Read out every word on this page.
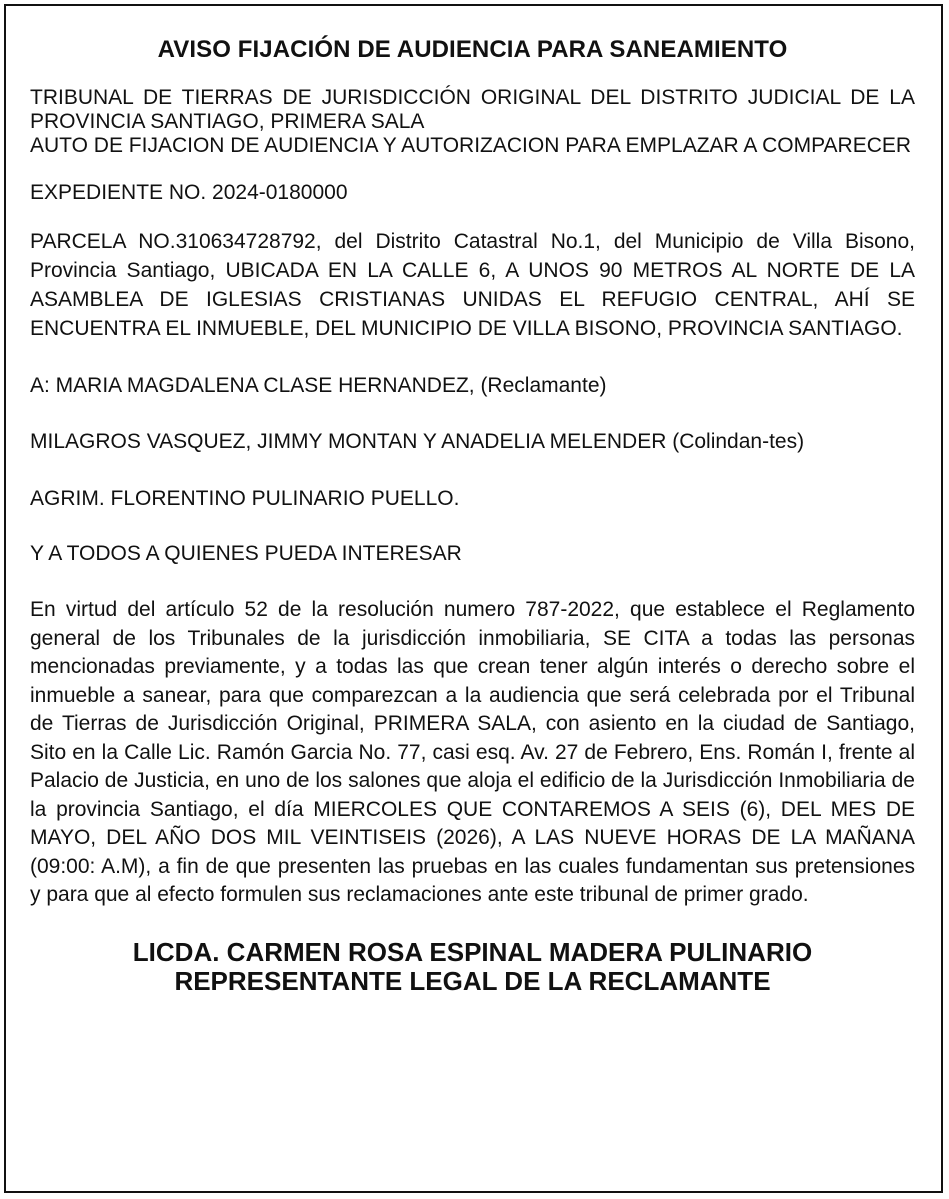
AVISO FIJACIÓN DE AUDIENCIA PARA SANEAMIENTO

TRIBUNAL DE TIERRAS DE JURISDICCIÓN ORIGINAL DEL DISTRITO JUDICIAL DE LA PROVINCIA SANTIAGO, PRIMERA SALA

AUTO DE FIJACION DE AUDIENCIA Y AUTORIZACION PARA EMPLAZAR A COMPARECER

EXPEDIENTE NO. 2024-0180000

PARCELA NO.310634728792, del Distrito Catastral No.1, del Municipio de Villa Bisono, Provincia Santiago, UBICADA EN LA CALLE 6, A UNOS 90 METROS AL NORTE DE LA ASAMBLEA DE IGLESIAS CRISTIANAS UNIDAS EL REFUGIO CENTRAL, AHÍ SE ENCUENTRA EL INMUEBLE, DEL MUNICIPIO DE VILLA BISONO, PROVINCIA SANTIAGO.

A: MARIA MAGDALENA CLASE HERNANDEZ, (Reclamante)

MILAGROS VASQUEZ, JIMMY MONTAN Y ANADELIA MELENDER (Colindan-tes)

AGRIM. FLORENTINO PULINARIO PUELLO.

Y A TODOS A QUIENES PUEDA INTERESAR

En virtud del artículo 52 de la resolución numero 787-2022, que establece el Reglamento general de los Tribunales de la jurisdicción inmobiliaria, SE CITA a todas las personas mencionadas previamente, y a todas las que crean tener algún interés o derecho sobre el inmueble a sanear, para que comparezcan a la audiencia que será celebrada por el Tribunal de Tierras de Jurisdicción Original, PRIMERA SALA, con asiento en la ciudad de Santiago, Sito en la Calle Lic. Ramón Garcia No. 77, casi esq. Av. 27 de Febrero, Ens. Román I, frente al Palacio de Justicia, en uno de los salones que aloja el edificio de la Jurisdicción Inmobiliaria de la provincia Santiago, el día MIERCOLES QUE CONTAREMOS A SEIS (6), DEL MES DE MAYO, DEL AÑO DOS MIL VEINTISEIS (2026), A LAS NUEVE HORAS DE LA MAÑANA (09:00: A.M), a fin de que presenten las pruebas en las cuales fundamentan sus pretensiones y para que al efecto formulen sus reclamaciones ante este tribunal de primer grado.

LICDA. CARMEN ROSA ESPINAL MADERA PULINARIO
REPRESENTANTE LEGAL DE LA RECLAMANTE
